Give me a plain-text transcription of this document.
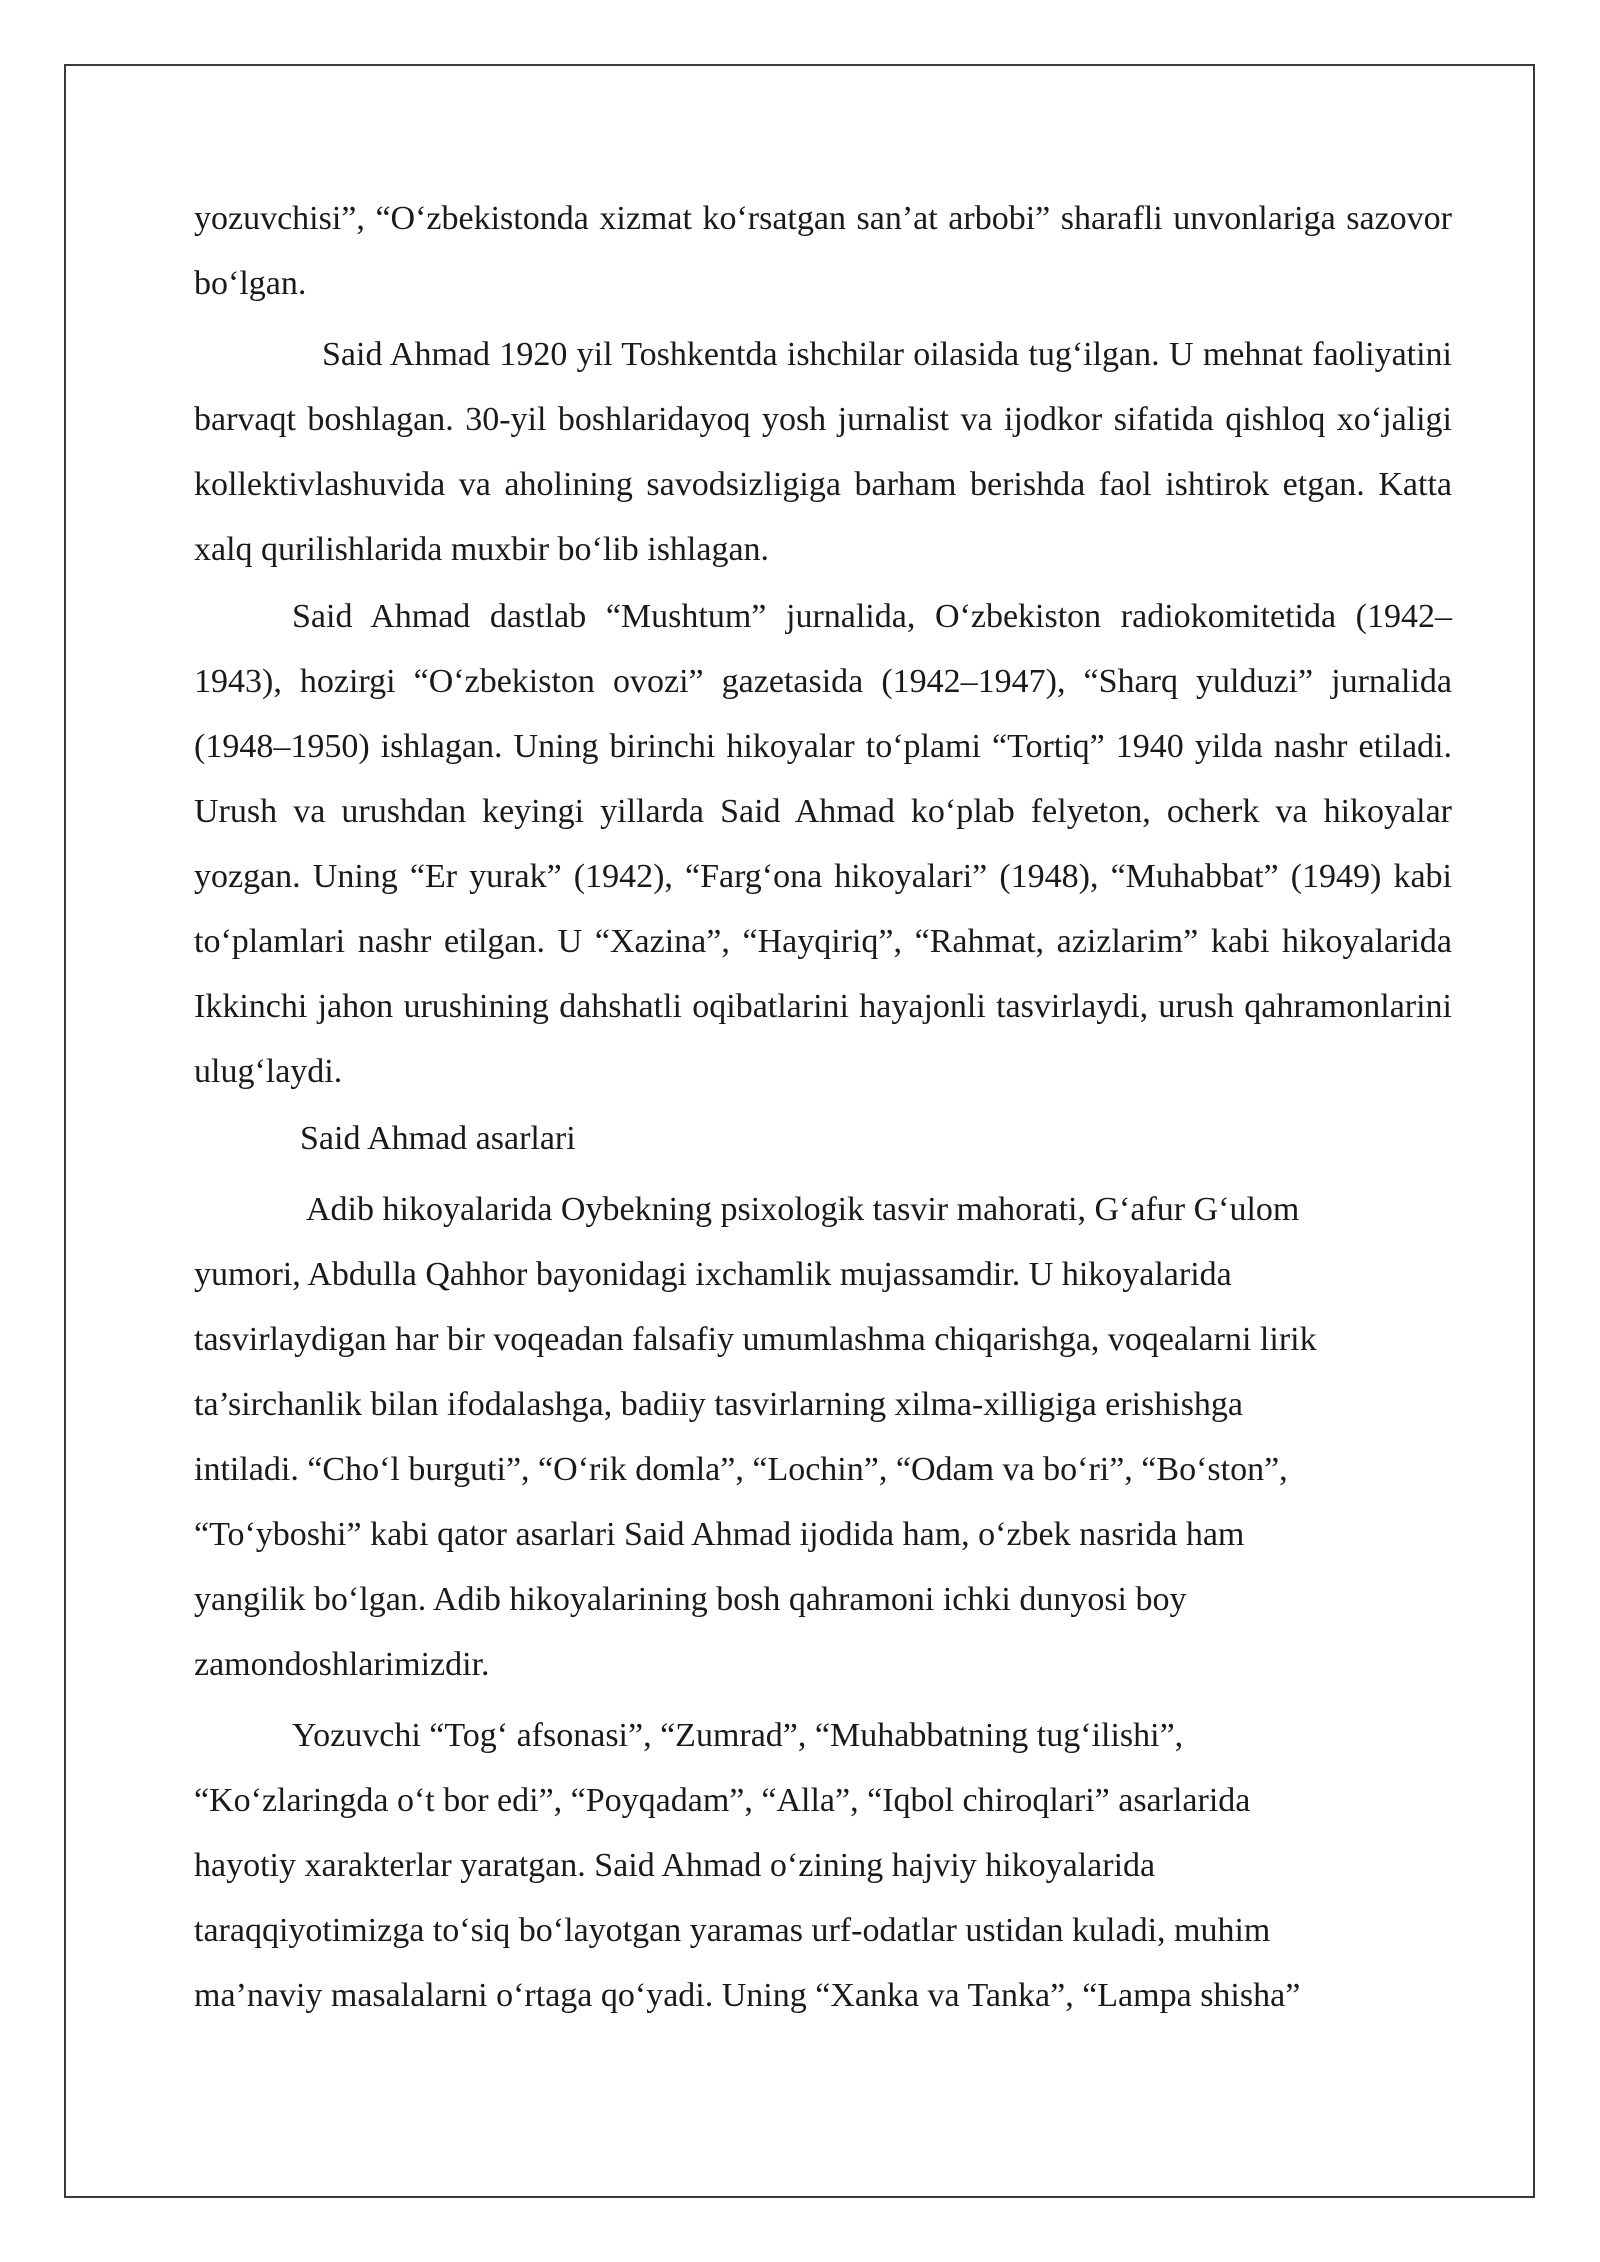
yozuvchisi”, “O‘zbekistonda xizmat ko‘rsatgan san’at arbobi” sharafli unvonlariga sazovor bo‘lgan.

Said Ahmad 1920 yil Toshkentda ishchilar oilasida tug‘ilgan. U mehnat faoliyatini barvaqt boshlagan. 30-yil boshlaridayoq yosh jurnalist va ijodkor sifatida qishloq xo‘jaligi kollektivlashuvida va aholining savodsizligiga barham berishda faol ishtirok etgan. Katta xalq qurilishlarida muxbir bo‘lib ishlagan.

Said Ahmad dastlab “Mushtum” jurnalida, O‘zbekiston radiokomitetida (1942– 1943), hozirgi “O‘zbekiston ovozi” gazetasida (1942–1947), “Sharq yulduzi” jurnalida (1948–1950) ishlagan. Uning birinchi hikoyalar to‘plami “Tortiq” 1940 yilda nashr etiladi. Urush va urushdan keyingi yillarda Said Ahmad ko‘plab felyeton, ocherk va hikoyalar yozgan. Uning “Er yurak” (1942), “Farg‘ona hikoyalari” (1948), “Muhabbat” (1949) kabi to‘plamlari nashr etilgan. U “Xazina”, “Hayqiriq”, “Rahmat, azizlarim” kabi hikoyalarida Ikkinchi jahon urushining dahshatli oqibatlarini hayajonli tasvirlaydi, urush qahramonlarini ulug‘laydi.

Said Ahmad asarlari

Adib hikoyalarida Oybekning psixologik tasvir mahorati, G‘afur G‘ulom
yumori, Abdulla Qahhor bayonidagi ixchamlik mujassamdir. U hikoyalarida
tasvirlaydigan har bir voqeadan falsafiy umumlashma chiqarishga, voqealarni lirik
ta’sirchanlik bilan ifodalashga, badiiy tasvirlarning xilma-xilligiga erishishga
intiladi. “Cho‘l burguti”, “O‘rik domla”, “Lochin”, “Odam va bo‘ri”, “Bo‘ston”,
“To‘yboshi” kabi qator asarlari Said Ahmad ijodida ham, o‘zbek nasrida ham
yangilik bo‘lgan. Adib hikoyalarining bosh qahramoni ichki dunyosi boy
zamondoshlarimizdir.

Yozuvchi “Tog‘ afsonasi”, “Zumrad”, “Muhabbatning tug‘ilishi”,
“Ko‘zlaringda o‘t bor edi”, “Poyqadam”, “Alla”, “Iqbol chiroqlari” asarlarida
hayotiy xarakterlar yaratgan. Said Ahmad o‘zining hajviy hikoyalarida
taraqqiyotimizga to‘siq bo‘layotgan yaramas urf-odatlar ustidan kuladi, muhim
ma’naviy masalalarni o‘rtaga qo‘yadi. Uning “Xanka va Tanka”, “Lampa shisha”
